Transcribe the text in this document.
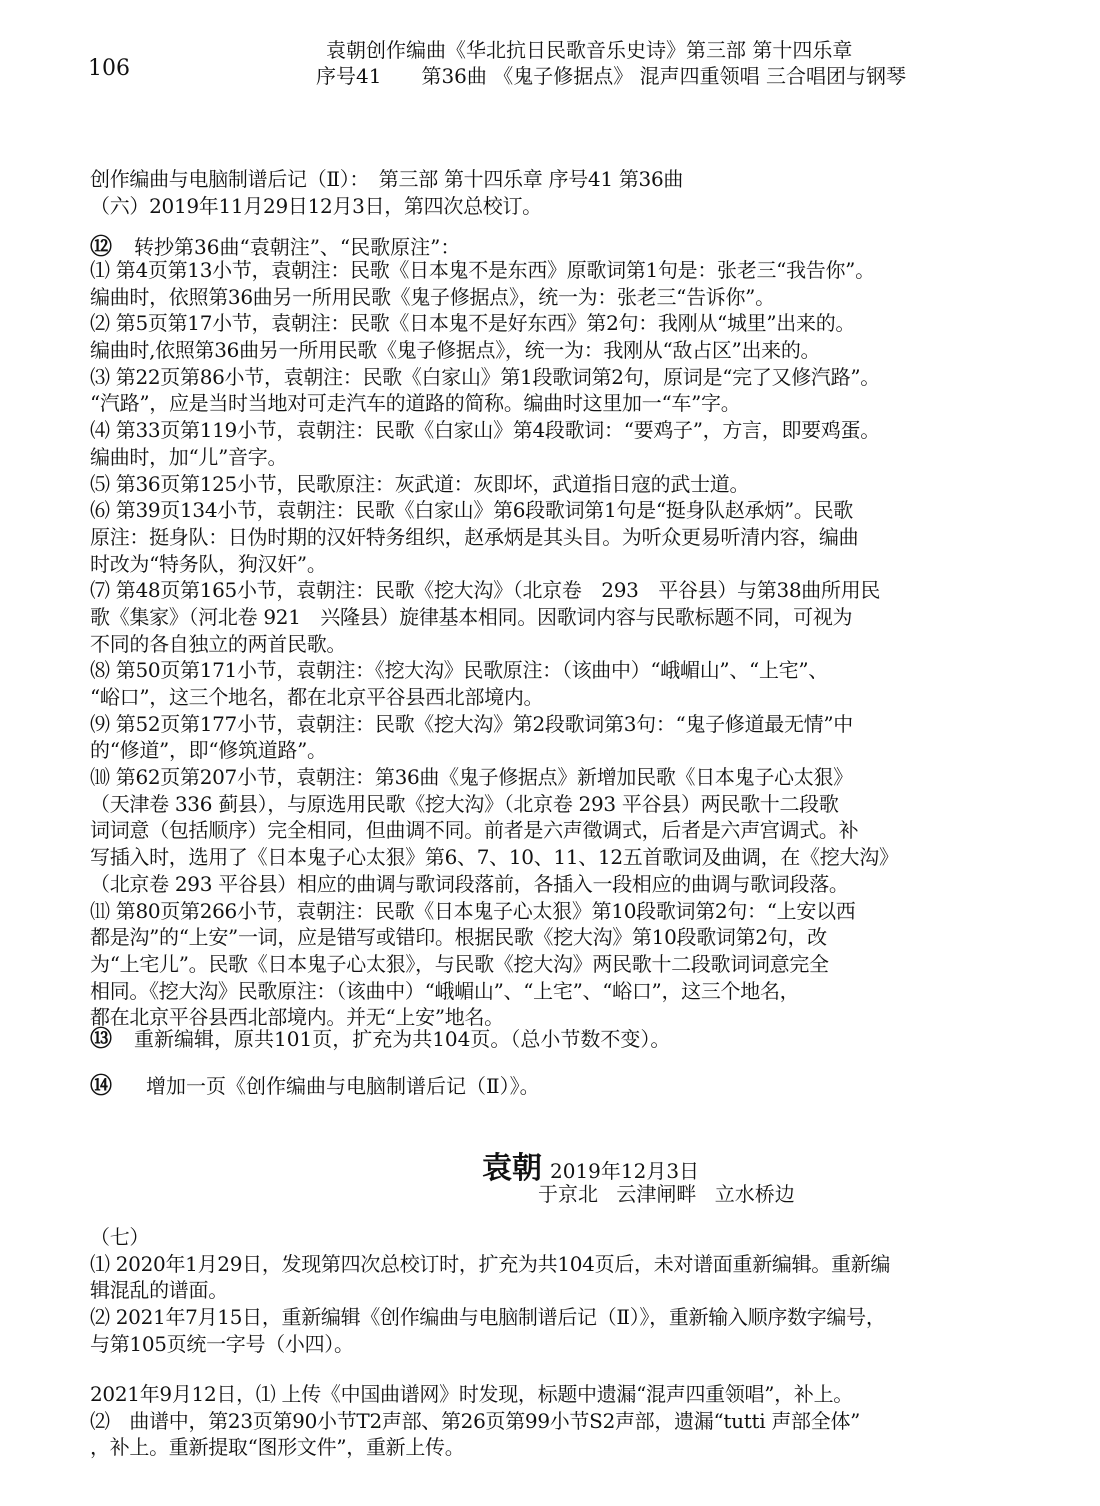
106
袁朝创作编曲《华北抗日民歌音乐史诗》第三部 第十四乐章
序号41　　第36曲 《鬼子修据点》 混声四重领唱 三合唱团与钢琴
创作编曲与电脑制谱后记（Ⅱ）：　第三部 第十四乐章 序号41 第36曲
（六）2019年11月29日12月3日，第四次总校订。
⑫ 转抄第36曲“袁朝注”、“民歌原注”：
⑴ 第4页第13小节，袁朝注：民歌《日本鬼不是东西》原歌词第1句是：张老三“我告你”。
编曲时，依照第36曲另一所用民歌《鬼子修据点》，统一为：张老三“告诉你”。
⑵ 第5页第17小节，袁朝注：民歌《日本鬼不是好东西》第2句：我刚从“城里”出来的。
编曲时,依照第36曲另一所用民歌《鬼子修据点》，统一为：我刚从“敌占区”出来的。
⑶ 第22页第86小节，袁朝注：民歌《白家山》第1段歌词第2句，原词是“完了又修汽路”。
“汽路”，应是当时当地对可走汽车的道路的简称。编曲时这里加一“车”字。
⑷ 第33页第119小节，袁朝注：民歌《白家山》第4段歌词：“要鸡子”，方言，即要鸡蛋。
编曲时，加“儿”音字。
⑸ 第36页第125小节，民歌原注：灰武道：灰即坏，武道指日寇的武士道。
⑹ 第39页134小节，袁朝注：民歌《白家山》第6段歌词第1句是“挺身队赵承炳”。民歌
原注：挺身队：日伪时期的汉奸特务组织，赵承炳是其头目。为听众更易听清内容，编曲
时改为“特务队，狗汉奸”。
⑺ 第48页第165小节，袁朝注：民歌《挖大沟》（北京卷　293　平谷县）与第38曲所用民
歌《集家》（河北卷 921　兴隆县）旋律基本相同。因歌词内容与民歌标题不同，可视为
不同的各自独立的两首民歌。
⑻ 第50页第171小节，袁朝注：《挖大沟》民歌原注：（该曲中）“峨嵋山”、“上宅”、
“峪口”，这三个地名，都在北京平谷县西北部境内。
⑼ 第52页第177小节，袁朝注：民歌《挖大沟》第2段歌词第3句：“鬼子修道最无情”中
的“修道”，即“修筑道路”。
⑽ 第62页第207小节，袁朝注：第36曲《鬼子修据点》新增加民歌《日本鬼子心太狠》
（天津卷 336 蓟县），与原选用民歌《挖大沟》（北京卷 293 平谷县）两民歌十二段歌
词词意（包括顺序）完全相同，但曲调不同。前者是六声徵调式，后者是六声宫调式。补
写插入时，选用了《日本鬼子心太狠》第6、7、10、11、12五首歌词及曲调，在《挖大沟》
（北京卷 293 平谷县）相应的曲调与歌词段落前，各插入一段相应的曲调与歌词段落。
⑾ 第80页第266小节，袁朝注：民歌《日本鬼子心太狠》第10段歌词第2句：“上安以西
都是沟”的“上安”一词，应是错写或错印。根据民歌《挖大沟》第10段歌词第2句，改
为“上宅儿”。民歌《日本鬼子心太狠》，与民歌《挖大沟》两民歌十二段歌词词意完全
相同。《挖大沟》民歌原注：（该曲中）“峨嵋山”、“上宅”、“峪口”，这三个地名，
都在北京平谷县西北部境内。并无“上安”地名。
⑬ 重新编辑，原共101页，扩充为共104页。（总小节数不变）。
⑭ 增加一页《创作编曲与电脑制谱后记（Ⅱ）》。
袁朝 2019年12月3日
于京北 云津闸畔 立水桥边
（七）
⑴ 2020年1月29日，发现第四次总校订时，扩充为共104页后，未对谱面重新编辑。重新编
辑混乱的谱面。
⑵ 2021年7月15日，重新编辑《创作编曲与电脑制谱后记（Ⅱ）》，重新输入顺序数字编号，
与第105页统一字号（小四）。
2021年9月12日，⑴ 上传《中国曲谱网》时发现，标题中遗漏“混声四重领唱”，补上。
⑵　曲谱中，第23页第90小节T2声部、第26页第99小节S2声部，遗漏“tutti 声部全体”
，补上。重新提取“图形文件”，重新上传。
